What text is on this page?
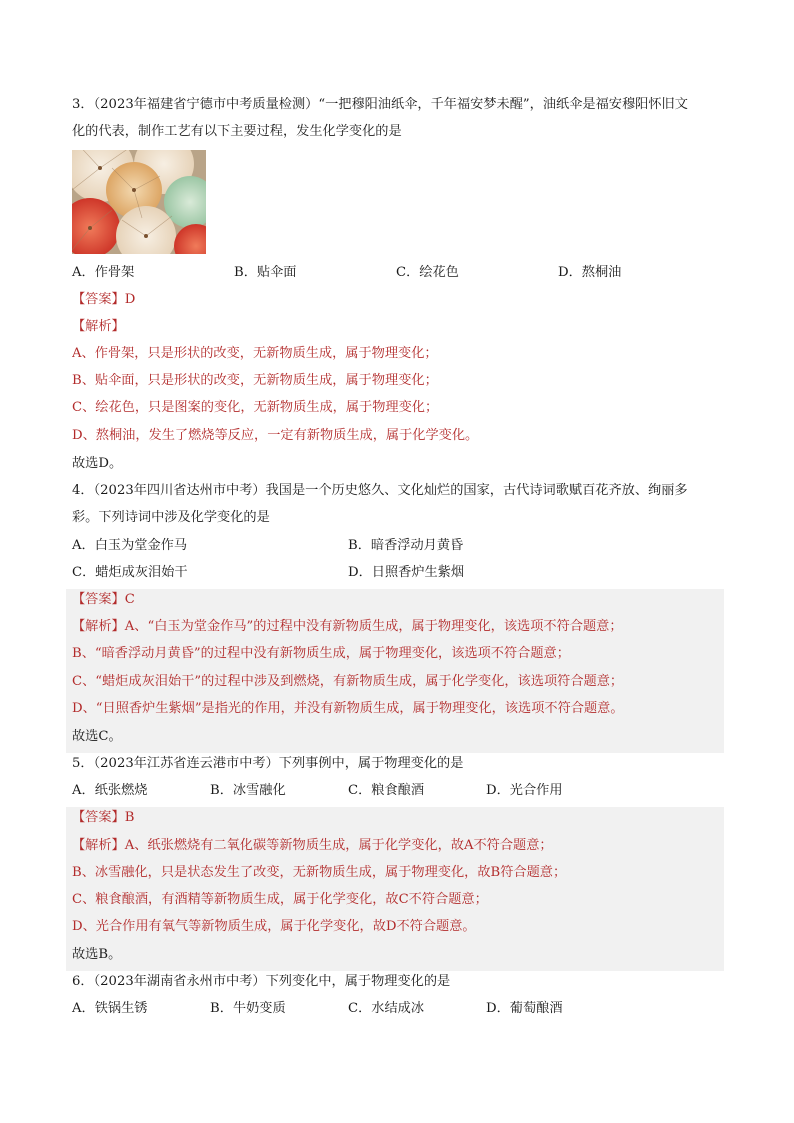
3．（2023年福建省宁德市中考质量检测）“一把穆阳油纸伞，千年福安梦未醒”，油纸伞是福安穆阳怀旧文
化的代表，制作工艺有以下主要过程，发生化学变化的是
A．作骨架	B．贴伞面	C．绘花色	D．熬桐油
【答案】D
【解析】
A、作骨架，只是形状的改变，无新物质生成，属于物理变化；
B、贴伞面，只是形状的改变，无新物质生成，属于物理变化；
C、绘花色，只是图案的变化，无新物质生成，属于物理变化；
D、熬桐油，发生了燃烧等反应，一定有新物质生成，属于化学变化。
故选D。
4．（2023年四川省达州市中考）我国是一个历史悠久、文化灿烂的国家，古代诗词歌赋百花齐放、绚丽多
彩。下列诗词中涉及化学变化的是
A．白玉为堂金作马	B．暗香浮动月黄昏
C．蜡炬成灰泪始干	D．日照香炉生紫烟
【答案】C
【解析】A、“白玉为堂金作马”的过程中没有新物质生成，属于物理变化，该选项不符合题意；
B、“暗香浮动月黄昏”的过程中没有新物质生成，属于物理变化，该选项不符合题意；
C、“蜡炬成灰泪始干”的过程中涉及到燃烧，有新物质生成，属于化学变化，该选项符合题意；
D、“日照香炉生紫烟”是指光的作用，并没有新物质生成，属于物理变化，该选项不符合题意。
故选C。
5．（2023年江苏省连云港市中考）下列事例中，属于物理变化的是
A．纸张燃烧	B．冰雪融化	C．粮食酿酒	D．光合作用
【答案】B
【解析】A、纸张燃烧有二氧化碳等新物质生成，属于化学变化，故A不符合题意；
B、冰雪融化，只是状态发生了改变，无新物质生成，属于物理变化，故B符合题意；
C、粮食酿酒，有酒精等新物质生成，属于化学变化，故C不符合题意；
D、光合作用有氧气等新物质生成，属于化学变化，故D不符合题意。
故选B。
6．（2023年湖南省永州市中考）下列变化中，属于物理变化的是
A．铁锅生锈	B．牛奶变质	C．水结成冰	D．葡萄酿酒
